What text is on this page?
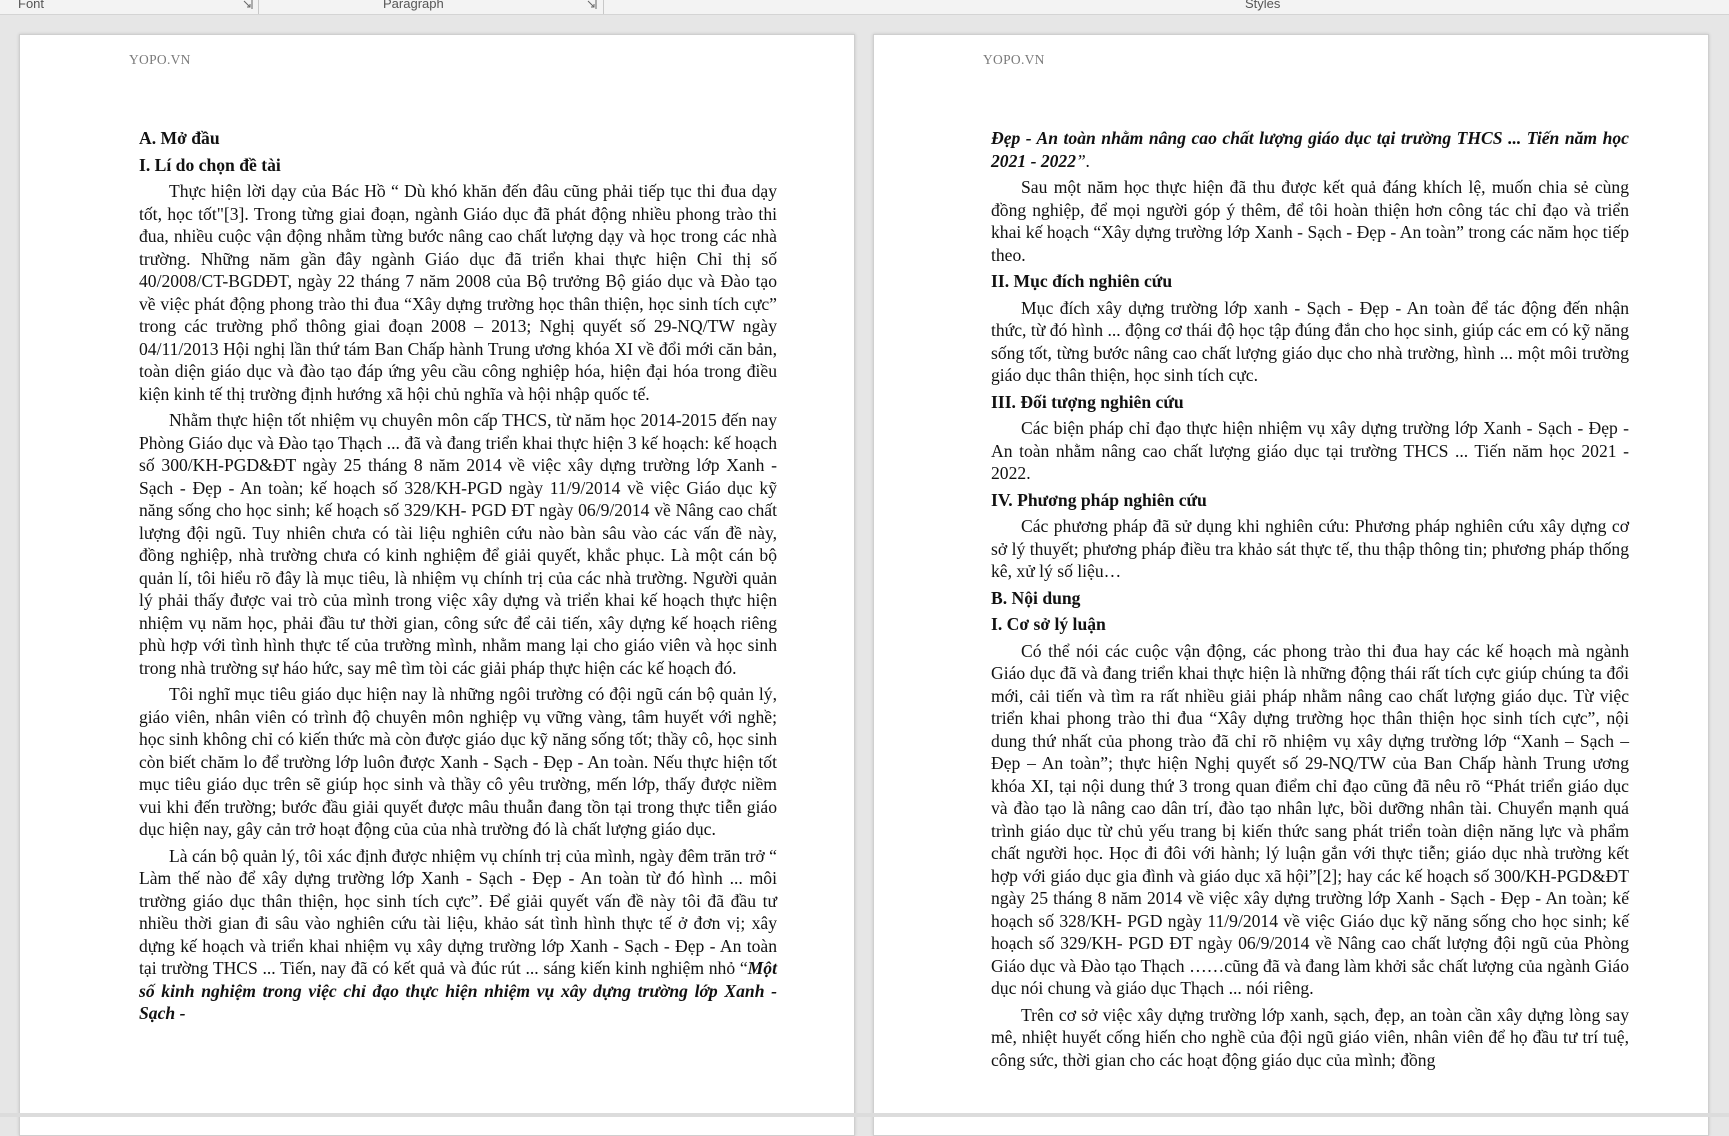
Font	Paragraph	Styles
YOPO.VN
A. Mở đầu
I. Lí do chọn đề tài
Thực hiện lời dạy của Bác Hồ “ Dù khó khăn đến đâu cũng phải tiếp tục thi đua dạy tốt, học tốt"[3]. Trong từng giai đoạn, ngành Giáo dục đã phát động nhiều phong trào thi đua, nhiều cuộc vận động nhằm từng bước nâng cao chất lượng dạy và học trong các nhà trường. Những năm gần đây ngành Giáo dục đã triển khai thực hiện Chỉ thị số 40/2008/CT-BGDĐT, ngày 22 tháng 7 năm 2008 của Bộ trưởng Bộ giáo dục và Đào tạo về việc phát động phong trào thi đua “Xây dựng trường học thân thiện, học sinh tích cực” trong các trường phổ thông giai đoạn 2008 – 2013; Nghị quyết số 29-NQ/TW ngày 04/11/2013 Hội nghị lần thứ tám Ban Chấp hành Trung ương khóa XI về đổi mới căn bản, toàn diện giáo dục và đào tạo đáp ứng yêu cầu công nghiệp hóa, hiện đại hóa trong điều kiện kinh tế thị trường định hướng xã hội chủ nghĩa và hội nhập quốc tế.
Nhằm thực hiện tốt nhiệm vụ chuyên môn cấp THCS, từ năm học 2014-2015 đến nay Phòng Giáo dục và Đào tạo Thạch ... đã và đang triển khai thực hiện 3 kế hoạch: kế hoạch số 300/KH-PGD&ĐT ngày 25 tháng 8 năm 2014 về việc xây dựng trường lớp Xanh - Sạch - Đẹp - An toàn; kế hoạch số 328/KH-PGD ngày 11/9/2014 về việc Giáo dục kỹ năng sống cho học sinh; kế hoạch số 329/KH- PGD ĐT ngày 06/9/2014 về Nâng cao chất lượng đội ngũ. Tuy nhiên chưa có tài liệu nghiên cứu nào bàn sâu vào các vấn đề này, đồng nghiệp, nhà trường chưa có kinh nghiệm để giải quyết, khắc phục. Là một cán bộ quản lí, tôi hiểu rõ đây là mục tiêu, là nhiệm vụ chính trị của các nhà trường. Người quản lý phải thấy được vai trò của mình trong việc xây dựng và triển khai kế hoạch thực hiện nhiệm vụ năm học, phải đầu tư thời gian, công sức để cải tiến, xây dựng kế hoạch riêng phù hợp với tình hình thực tế của trường mình, nhằm mang lại cho giáo viên và học sinh trong nhà trường sự háo hức, say mê tìm tòi các giải pháp thực hiện các kế hoạch đó.
Tôi nghĩ mục tiêu giáo dục hiện nay là những ngôi trường có đội ngũ cán bộ quản lý, giáo viên, nhân viên có trình độ chuyên môn nghiệp vụ vững vàng, tâm huyết với nghề; học sinh không chỉ có kiến thức mà còn được giáo dục kỹ năng sống tốt; thầy cô, học sinh còn biết chăm lo để trường lớp luôn được Xanh - Sạch - Đẹp - An toàn. Nếu thực hiện tốt mục tiêu giáo dục trên sẽ giúp học sinh và thầy cô yêu trường, mến lớp, thấy được niềm vui khi đến trường; bước đầu giải quyết được mâu thuẫn đang tồn tại trong thực tiễn giáo dục hiện nay, gây cản trở hoạt động của của nhà trường đó là chất lượng giáo dục.
Là cán bộ quản lý, tôi xác định được nhiệm vụ chính trị của mình, ngày đêm trăn trở “ Làm thế nào để xây dựng trường lớp Xanh - Sạch - Đẹp - An toàn từ đó hình ... môi trường giáo dục thân thiện, học sinh tích cực”. Để giải quyết vấn đề này tôi đã đầu tư nhiều thời gian đi sâu vào nghiên cứu tài liệu, khảo sát tình hình thực tế ở đơn vị; xây dựng kế hoạch và triển khai nhiệm vụ xây dựng trường lớp Xanh - Sạch - Đẹp - An toàn tại trường THCS ... Tiến, nay đã có kết quả và đúc rút ... sáng kiến kinh nghiệm nhỏ “Một số kinh nghiệm trong việc chỉ đạo thực hiện nhiệm vụ xây dựng trường lớp Xanh - Sạch -
YOPO.VN
Đẹp - An toàn nhằm nâng cao chất lượng giáo dục tại trường THCS ... Tiến năm học 2021 - 2022”.
Sau một năm học thực hiện đã thu được kết quả đáng khích lệ, muốn chia sẻ cùng đồng nghiệp, để mọi người góp ý thêm, để tôi hoàn thiện hơn công tác chỉ đạo và triển khai kế hoạch “Xây dựng trường lớp Xanh - Sạch - Đẹp - An toàn” trong các năm học tiếp theo.
II. Mục đích nghiên cứu
Mục đích xây dựng trường lớp xanh - Sạch - Đẹp - An toàn để tác động đến nhận thức, từ đó hình ... động cơ thái độ học tập đúng đắn cho học sinh, giúp các em có kỹ năng sống tốt, từng bước nâng cao chất lượng giáo dục cho nhà trường, hình ... một môi trường giáo dục thân thiện, học sinh tích cực.
III. Đối tượng nghiên cứu
Các biện pháp chỉ đạo thực hiện nhiệm vụ xây dựng trường lớp Xanh - Sạch - Đẹp - An toàn nhằm nâng cao chất lượng giáo dục tại trường THCS ... Tiến năm học 2021 - 2022.
IV. Phương pháp nghiên cứu
Các phương pháp đã sử dụng khi nghiên cứu: Phương pháp nghiên cứu xây dựng cơ sở lý thuyết; phương pháp điều tra khảo sát thực tế, thu thập thông tin; phương pháp thống kê, xử lý số liệu…
B. Nội dung
I. Cơ sở lý luận
Có thể nói các cuộc vận động, các phong trào thi đua hay các kế hoạch mà ngành Giáo dục đã và đang triển khai thực hiện là những động thái rất tích cực giúp chúng ta đổi mới, cải tiến và tìm ra rất nhiều giải pháp nhằm nâng cao chất lượng giáo dục. Từ việc triển khai phong trào thi đua “Xây dựng trường học thân thiện học sinh tích cực”, nội dung thứ nhất của phong trào đã chỉ rõ nhiệm vụ xây dựng trường lớp “Xanh – Sạch – Đẹp – An toàn”; thực hiện Nghị quyết số 29-NQ/TW của Ban Chấp hành Trung ương khóa XI, tại nội dung thứ 3 trong quan điểm chỉ đạo cũng đã nêu rõ “Phát triển giáo dục và đào tạo là nâng cao dân trí, đào tạo nhân lực, bồi dưỡng nhân tài. Chuyển mạnh quá trình giáo dục từ chủ yếu trang bị kiến thức sang phát triển toàn diện năng lực và phẩm chất người học. Học đi đôi với hành; lý luận gắn với thực tiễn; giáo dục nhà trường kết hợp với giáo dục gia đình và giáo dục xã hội”[2]; hay các kế hoạch số 300/KH-PGD&ĐT ngày 25 tháng 8 năm 2014 về việc xây dựng trường lớp Xanh - Sạch - Đẹp - An toàn; kế hoạch số 328/KH- PGD ngày 11/9/2014 về việc Giáo dục kỹ năng sống cho học sinh; kế hoạch số 329/KH- PGD ĐT ngày 06/9/2014 về Nâng cao chất lượng đội ngũ của Phòng Giáo dục và Đào tạo Thạch ……cũng đã và đang làm khởi sắc chất lượng của ngành Giáo dục nói chung và giáo dục Thạch ... nói riêng.
Trên cơ sở việc xây dựng trường lớp xanh, sạch, đẹp, an toàn cần xây dựng lòng say mê, nhiệt huyết cống hiến cho nghề của đội ngũ giáo viên, nhân viên để họ đầu tư trí tuệ, công sức, thời gian cho các hoạt động giáo dục của mình; đồng
